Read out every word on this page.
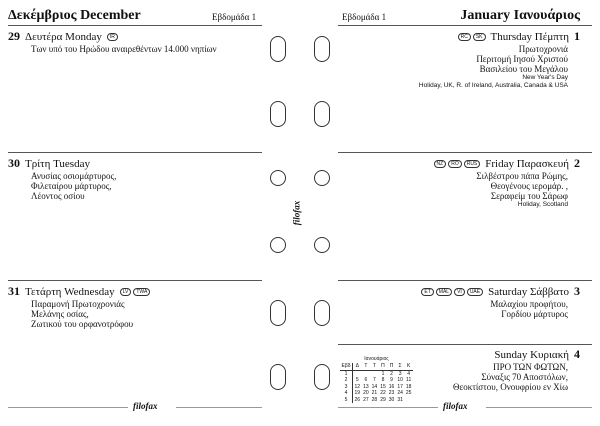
Δεκέμβριος December	Εβδομάδα 1
29 Δευτέρα Monday	IR
Των υπό του Ηρώδου αναιρεθέντων 14.000 νηπίων
30 Τρίτη Tuesday
Ανυσίας οσιομάρτυρος,
Φιλεταίρου μάρτυρος,
Λέοντος οσίου
31 Τετάρτη Wednesday	LV	TWA
Παραμονή Πρωτοχρονιάς
Μελάνης οσίας,
Ζωτικού του ορφανοτρόφου
filofax
filofax
Εβδομάδα 1	January Ιανουάριος
RC	SK Thursday Πέμπτη 1
Πρωτοχρονιά
Περιτομή Ιησού Χριστού
Βασιλείου του Μεγάλου
New Year's Day
Holiday, UK, R. of Ireland, Australia, Canada & USA
NZ	RO	RUS Friday Παρασκευή 2
Σιλβέστρου πάπα Ρώμης,
Θεογένους ιερομάρ. ,
Σεραφείμ του Σάρωφ
Holiday, Scotland
ET	MAL	VI	UAE Saturday Σάββατο 3
Μαλαχίου προφήτου,
Γορδίου μάρτυρος
Sunday Κυριακή 4
ΠΡΟ ΤΩΝ ΦΩΤΩΝ,
Σύναξις 70 Αποστόλων,
Θεοκτίστου, Ονουφρίου εν Χίω
Ιανουάριος
Εβδ	Δ	Τ	Τ	Π	Π	Σ	Κ
1				1	2	3	4
2	5	6	7	8	9	10	11
3	12	13	14	15	16	17	18
4	19	20	21	22	23	24	25
5	26	27	28	29	30	31	
filofax
